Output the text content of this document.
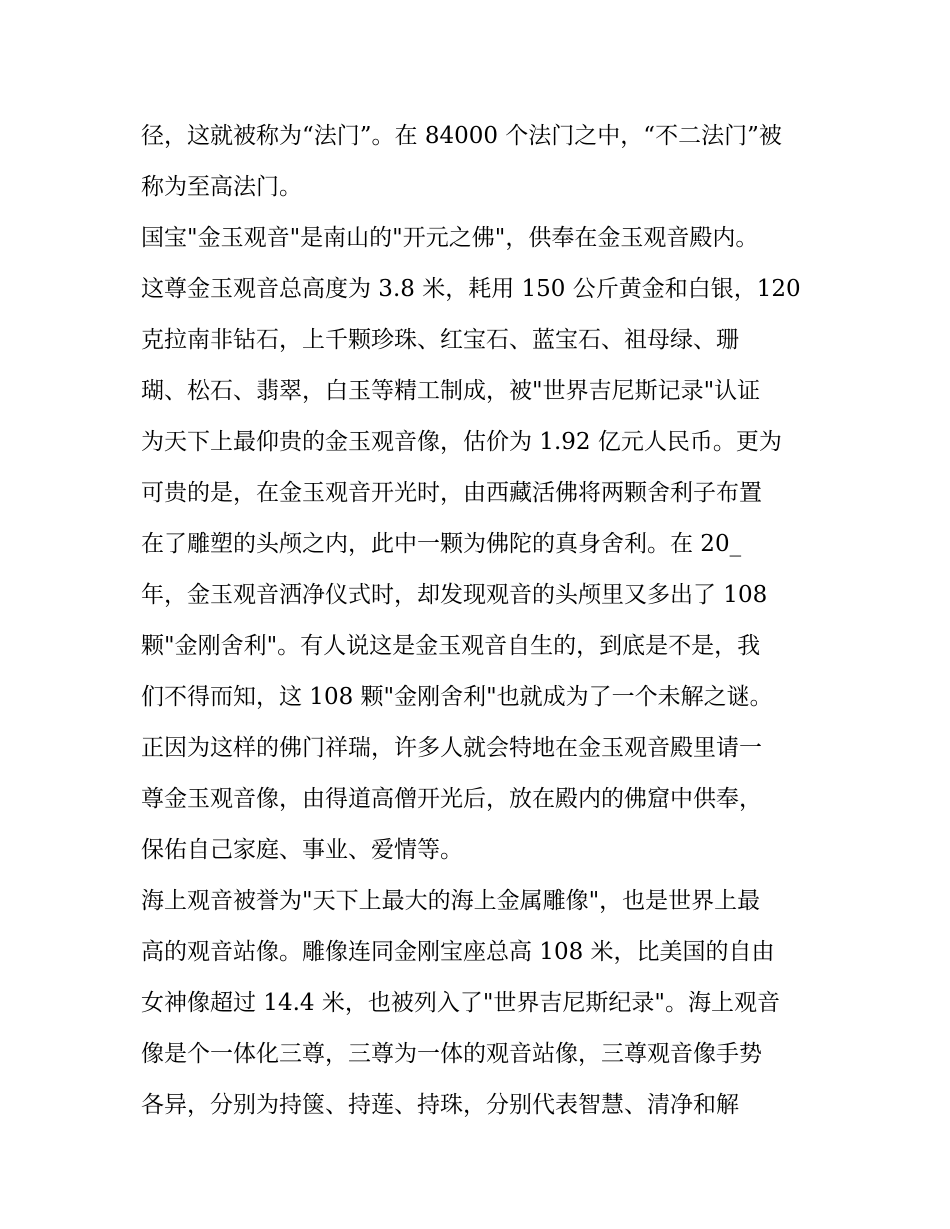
径，这就被称为“法门”。在 84000 个法门之中，“不二法门”被
称为至高法门。
国宝"金玉观音"是南山的"开元之佛"，供奉在金玉观音殿内。
这尊金玉观音总高度为 3.8 米，耗用 150 公斤黄金和白银，120
克拉南非钻石，上千颗珍珠、红宝石、蓝宝石、祖母绿、珊
瑚、松石、翡翠，白玉等精工制成，被"世界吉尼斯记录"认证
为天下上最仰贵的金玉观音像，估价为 1.92 亿元人民币。更为
可贵的是，在金玉观音开光时，由西藏活佛将两颗舍利子布置
在了雕塑的头颅之内，此中一颗为佛陀的真身舍利。在 20_
年，金玉观音洒净仪式时，却发现观音的头颅里又多出了 108
颗"金刚舍利"。有人说这是金玉观音自生的，到底是不是，我
们不得而知，这 108 颗"金刚舍利"也就成为了一个未解之谜。
正因为这样的佛门祥瑞，许多人就会特地在金玉观音殿里请一
尊金玉观音像，由得道高僧开光后，放在殿内的佛窟中供奉，
保佑自己家庭、事业、爱情等。
海上观音被誉为"天下上最大的海上金属雕像"，也是世界上最
高的观音站像。雕像连同金刚宝座总高 108 米，比美国的自由
女神像超过 14.4 米，也被列入了"世界吉尼斯纪录"。海上观音
像是个一体化三尊，三尊为一体的观音站像，三尊观音像手势
各异，分别为持箧、持莲、持珠，分别代表智慧、清净和解
